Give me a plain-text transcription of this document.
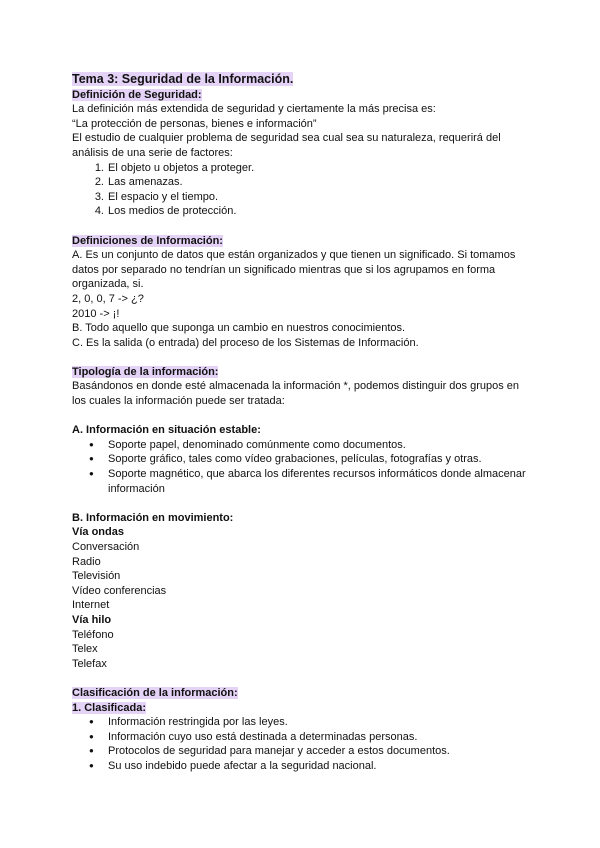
Tema 3: Seguridad de la Información.

Definición de Seguridad:

La definición más extendida de seguridad y ciertamente la más precisa es:

“La protección de personas, bienes e información”

El estudio de cualquier problema de seguridad sea cual sea su naturaleza, requerirá del análisis de una serie de factores:

1. El objeto u objetos a proteger.
2. Las amenazas.
3. El espacio y el tiempo.
4. Los medios de protección.

Definiciones de Información:

A. Es un conjunto de datos que están organizados y que tienen un significado. Si tomamos datos por separado no tendrían un significado mientras que si los agrupamos en forma organizada, si.

2, 0, 0, 7 -> ¿?

2010 -> ¡!

B. Todo aquello que suponga un cambio en nuestros conocimientos.

C. Es la salida (o entrada) del proceso de los Sistemas de Información.

Tipología de la información:

Basándonos en donde esté almacenada la información *, podemos distinguir dos grupos en los cuales la información puede ser tratada:

A. Información en situación estable:

● Soporte papel, denominado comúnmente como documentos.
● Soporte gráfico, tales como vídeo grabaciones, películas, fotografías y otras.
● Soporte magnético, que abarca los diferentes recursos informáticos donde almacenar información

B. Información en movimiento:

Vía ondas

Conversación

Radio

Televisión

Vídeo conferencias

Internet

Vía hilo

Teléfono

Telex

Telefax

Clasificación de la información:

1. Clasificada:

● Información restringida por las leyes.
● Información cuyo uso está destinada a determinadas personas.
● Protocolos de seguridad para manejar y acceder a estos documentos.
● Su uso indebido puede afectar a la seguridad nacional.
